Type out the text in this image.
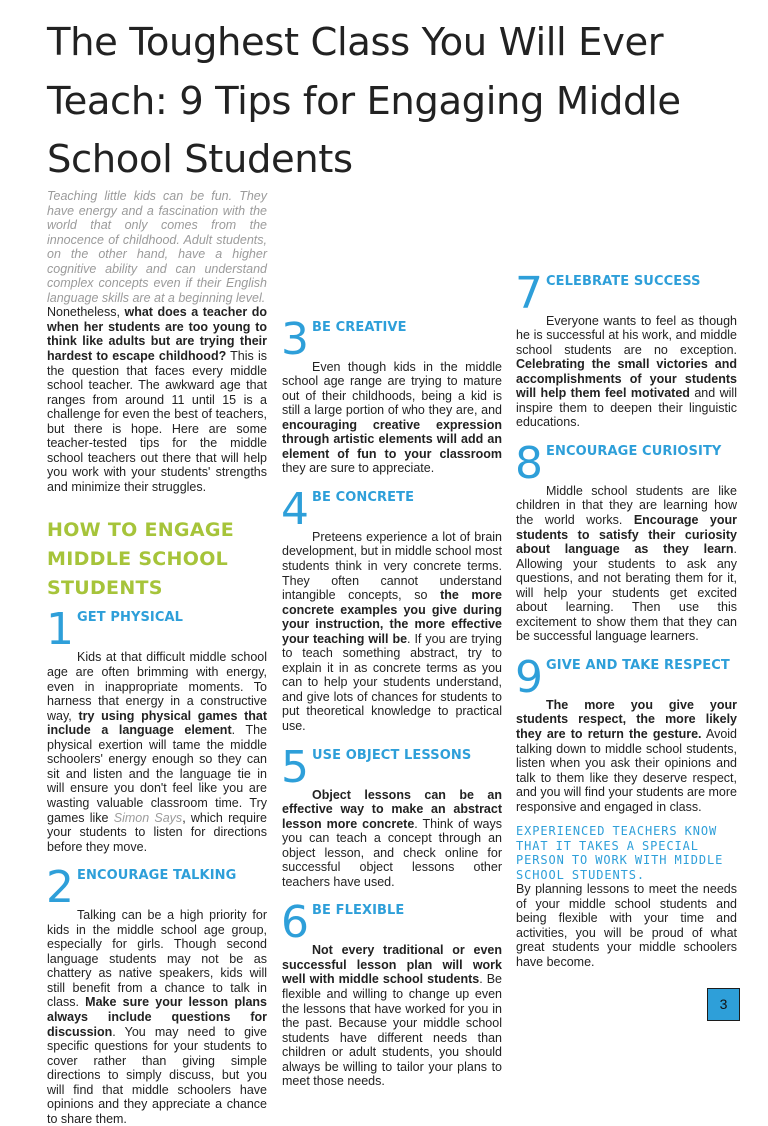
The Toughest Class You Will Ever Teach: 9 Tips for Engaging Middle School Students

Teaching little kids can be fun. They have energy and a fascination with the world that only comes from the innocence of childhood. Adult students, on the other hand, have a higher cognitive ability and can understand complex concepts even if their English language skills are at a beginning level.

Nonetheless, what does a teacher do when her students are too young to think like adults but are trying their hardest to escape childhood? This is the question that faces every middle school teacher. The awkward age that ranges from around 11 until 15 is a challenge for even the best of teachers, but there is hope. Here are some teacher-tested tips for the middle school teachers out there that will help you work with your students' strengths and minimize their struggles.

HOW TO ENGAGE MIDDLE SCHOOL STUDENTS
1 GET PHYSICAL

Kids at that difficult middle school age are often brimming with energy, even in inappropriate moments. To harness that energy in a constructive way, try using physical games that include a language element. The physical exertion will tame the middle schoolers' energy enough so they can sit and listen and the language tie in will ensure you don't feel like you are wasting valuable classroom time. Try games like Simon Says, which require your students to listen for directions before they move.

2 ENCOURAGE TALKING

Talking can be a high priority for kids in the middle school age group, especially for girls. Though second language students may not be as chattery as native speakers, kids will still benefit from a chance to talk in class. Make sure your lesson plans always include questions for discussion. You may need to give specific questions for your students to cover rather than giving simple directions to simply discuss, but you will find that middle schoolers have opinions and they appreciate a chance to share them.

3 BE CREATIVE

Even though kids in the middle school age range are trying to mature out of their childhoods, being a kid is still a large portion of who they are, and encouraging creative expression through artistic elements will add an element of fun to your classroom they are sure to appreciate.

4 BE CONCRETE

Preteens experience a lot of brain development, but in middle school most students think in very concrete terms. They often cannot understand intangible concepts, so the more concrete examples you give during your instruction, the more effective your teaching will be. If you are trying to teach something abstract, try to explain it in as concrete terms as you can to help your students understand, and give lots of chances for students to put theoretical knowledge to practical use.

5 USE OBJECT LESSONS

Object lessons can be an effective way to make an abstract lesson more concrete. Think of ways you can teach a concept through an object lesson, and check online for successful object lessons other teachers have used.

6 BE FLEXIBLE

Not every traditional or even successful lesson plan will work well with middle school students. Be flexible and willing to change up even the lessons that have worked for you in the past. Because your middle school students have different needs than children or adult students, you should always be willing to tailor your plans to meet those needs.

7 CELEBRATE SUCCESS

Everyone wants to feel as though he is successful at his work, and middle school students are no exception. Celebrating the small victories and accomplishments of your students will help them feel motivated and will inspire them to deepen their linguistic educations.

8 ENCOURAGE CURIOSITY

Middle school students are like children in that they are learning how the world works. Encourage your students to satisfy their curiosity about language as they learn. Allowing your students to ask any questions, and not berating them for it, will help your students get excited about learning. Then use this excitement to show them that they can be successful language learners.

9 GIVE AND TAKE RESPECT

The more you give your students respect, the more likely they are to return the gesture. Avoid talking down to middle school students, listen when you ask their opinions and talk to them like they deserve respect, and you will find your students are more responsive and engaged in class.

EXPERIENCED TEACHERS KNOW THAT IT TAKES A SPECIAL PERSON TO WORK WITH MIDDLE SCHOOL STUDENTS.

By planning lessons to meet the needs of your middle school students and being flexible with your time and activities, you will be proud of what great students your middle schoolers have become.

3
